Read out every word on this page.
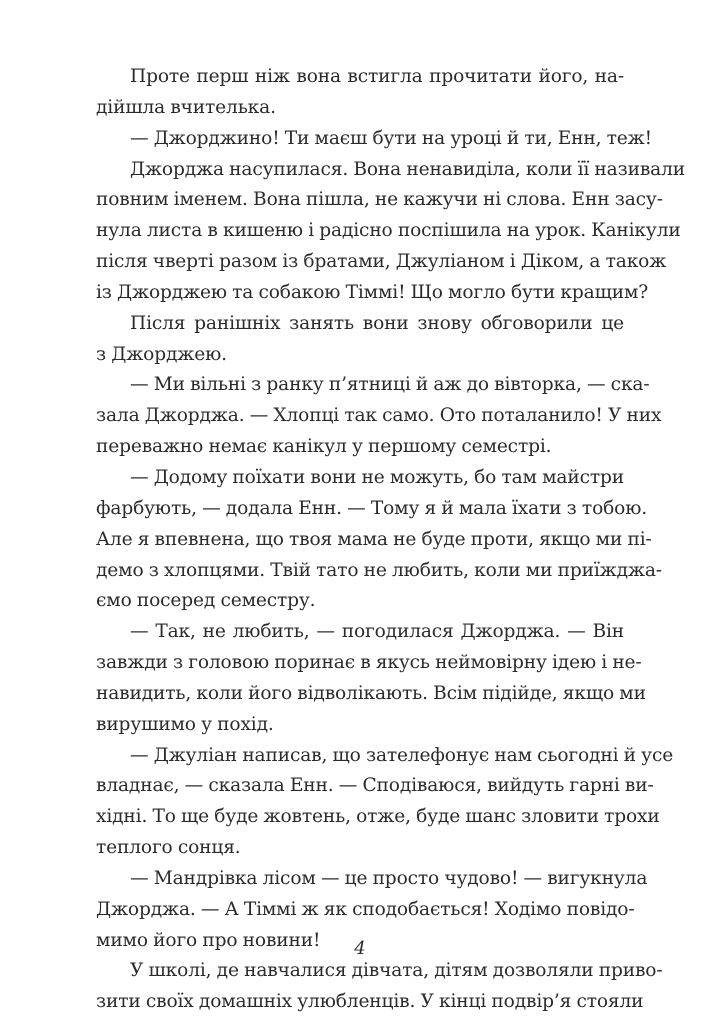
Проте перш ніж вона встигла прочитати його, на-
дійшла вчителька.
— Джорджино! Ти маєш бути на уроці й ти, Енн, теж!
Джорджа насупилася. Вона ненавиділа, коли її називали
повним іменем. Вона пішла, не кажучи ні слова. Енн засу-
нула листа в кишеню і радісно поспішила на урок. Канікули
після чверті разом із братами, Джуліаном і Діком, а також
із Джорджею та собакою Тіммі! Що могло бути кращим?
Після ранішніх занять вони знову обговорили це
з Джорджею.
— Ми вільні з ранку п’ятниці й аж до вівторка, — ска-
зала Джорджа. — Хлопці так само. Ото поталанило! У них
переважно немає канікул у першому семестрі.
— Додому поїхати вони не можуть, бо там майстри
фарбують, — додала Енн. — Тому я й мала їхати з тобою.
Але я впевнена, що твоя мама не буде проти, якщо ми пі-
демо з хлопцями. Твій тато не любить, коли ми приїжджа-
ємо посеред семестру.
— Так, не любить, — погодилася Джорджа. — Він
завжди з головою поринає в якусь неймовірну ідею і не-
навидить, коли його відволікають. Всім підійде, якщо ми
вирушимо у похід.
— Джуліан написав, що зателефонує нам сьогодні й усе
владнає, — сказала Енн. — Сподіваюся, вийдуть гарні ви-
хідні. То ще буде жовтень, отже, буде шанс зловити трохи
теплого сонця.
— Мандрівка лісом — це просто чудово! — вигукнула
Джорджа. — А Тіммі ж як сподобається! Ходімо повідо-
мимо його про новини!
У школі, де навчалися дівчата, дітям дозволяли приво-
зити своїх домашніх улюбленців. У кінці подвір’я стояли
4
